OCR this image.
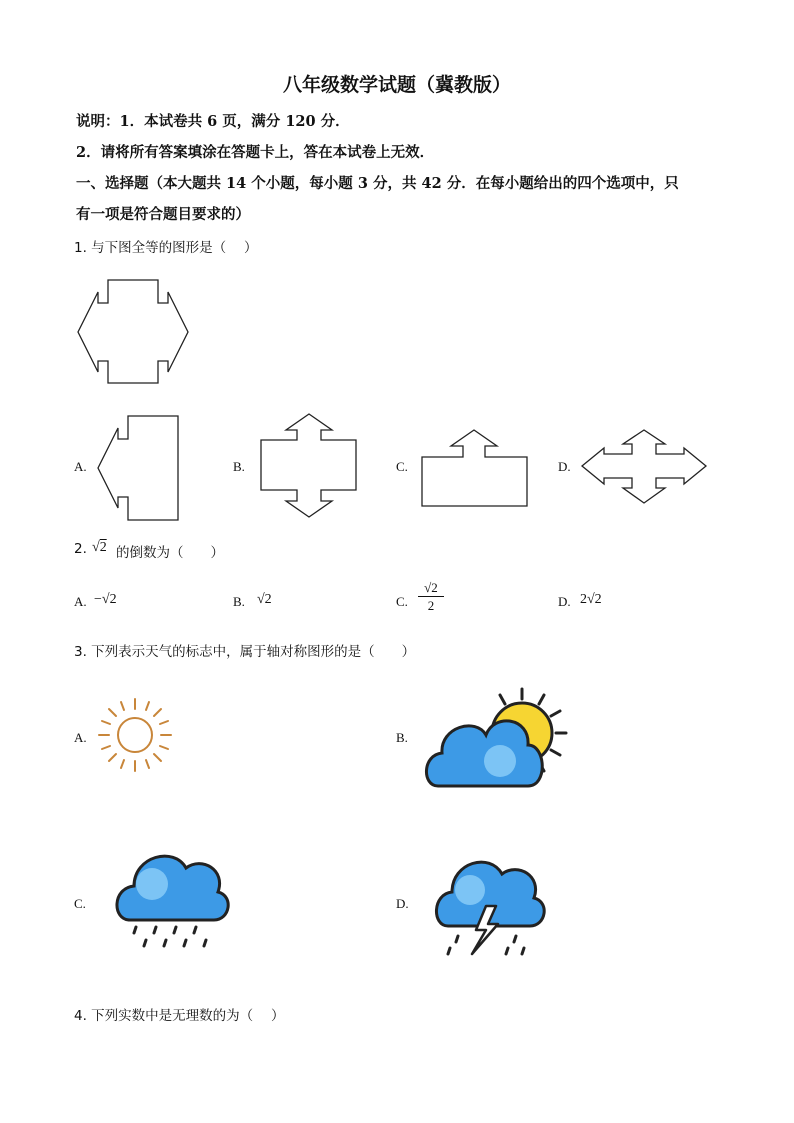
八年级数学试题（冀教版）
说明：1．本试卷共 6 页，满分 120 分．
2．请将所有答案填涂在答题卡上，答在本试卷上无效．
一、选择题（本大题共 14 个小题，每小题 3 分，共 42 分．在每小题给出的四个选项中，只
有一项是符合题目要求的）
1. 与下图全等的图形是（　 ）
A.	B.	C.	D.
2. √2 的倒数为（　　）
A. −√2	B. √2	C. $\frac{√2}{2}$	D. 2√2
3. 下列表示天气的标志中，属于轴对称图形的是（　　）
A.	B.
C.	D.
4. 下列实数中是无理数的为（　 ）
